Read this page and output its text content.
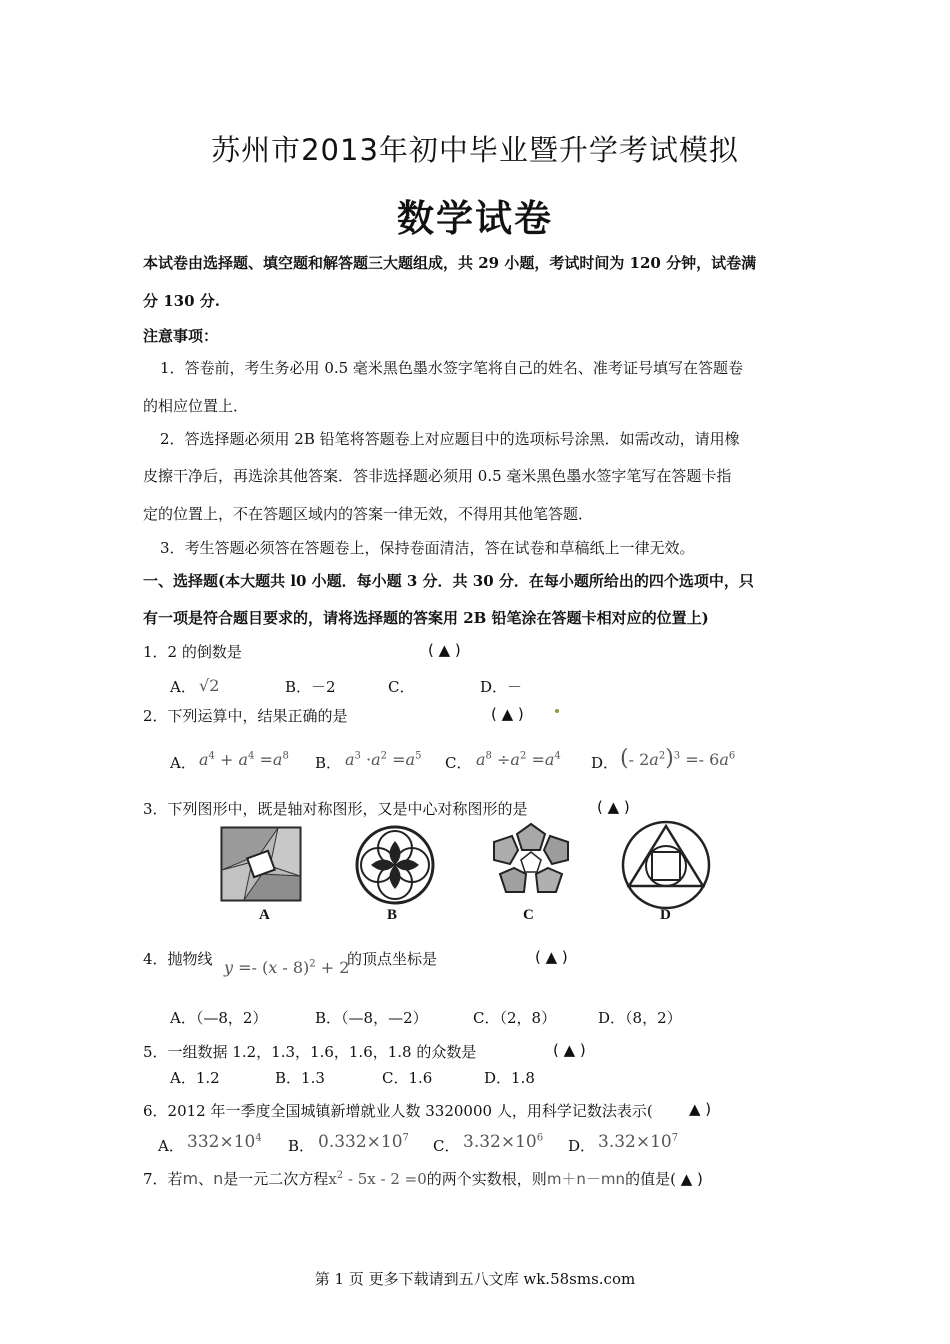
苏州市2013年初中毕业暨升学考试模拟
数学试卷
本试卷由选择题、填空题和解答题三大题组成，共 29 小题，考试时间为 120 分钟，试卷满
分 130 分.
注意事项：
1．答卷前，考生务必用 0.5 毫米黑色墨水签字笔将自己的姓名、准考证号填写在答题卷
的相应位置上．
2．答选择题必须用 2B 铅笔将答题卷上对应题目中的选项标号涂黑．如需改动，请用橡
皮擦干净后，再选涂其他答案．答非选择题必须用 0.5 毫米黑色墨水签字笔写在答题卡指
定的位置上，不在答题区域内的答案一律无效，不得用其他笔答题．
3．考生答题必须答在答题卷上，保持卷面清洁，答在试卷和草稿纸上一律无效。
一、选择题(本大题共 l0 小题．每小题 3 分．共 30 分．在每小题所给出的四个选项中，只
有一项是符合题目要求的，请将选择题的答案用 2B 铅笔涂在答题卡相对应的位置上)
1．2 的倒数是	( ▲ )
A． √2	B．－2	C．	D．－
2．下列运算中，结果正确的是	( ▲ )
A． $a^4 + a^4 =a^8$ B． $a^3 \cdot a^2 =a^5$ C． $a^8 \div a^2 =a^4$ D． (- $2a^2)^3 =- 6a^6$
3．下列图形中，既是轴对称图形，又是中心对称图形的是	( ▲ )
A	B	C	D
4．抛物线 y =- (x - 8)$^2$ + 2
的顶点坐标是	( ▲ )
A．（—8，2）	B．（—8，—2）	C．（2，8）	D．（8，2）
5．一组数据 1.2，1.3，1.6，1.6，1.8 的众数是	( ▲ )
A．1.2	B．1.3	C．1.6	D．1.8
6．2012 年一季度全国城镇新增就业人数 3320000 人，用科学记数法表示( ▲ )
A． $332\times 10^4$ B． $0.332\times 10^7$ C． $3.32\times 10^6$ D． $3.32\times 10^7$
7．若m、n是一元二次方程$x^2 - 5x - 2 =0$的两个实数根，则m＋n－mn的值是( ▲ )
第 1 页 更多下载请到五八文库 wk.58sms.com
